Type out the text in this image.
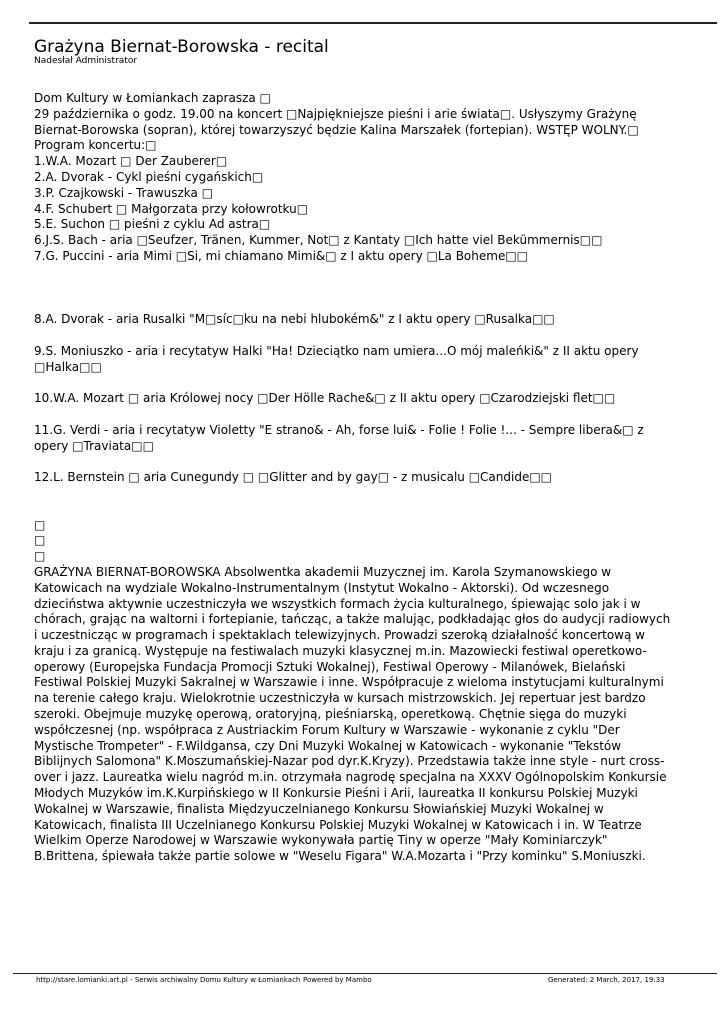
Grażyna Biernat-Borowska - recital
Nadesłał Administrator
Dom Kultury w Łomiankach zaprasza □
29 października o godz. 19.00 na koncert □Najpiękniejsze pieśni i arie świata□. Usłyszymy Grażynę
Biernat-Borowska (sopran), której towarzyszyć będzie Kalina Marszałek (fortepian). WSTĘP WOLNY.□
Program koncertu:□
1.W.A. Mozart □ Der Zauberer□
2.A. Dvorak - Cykl pieśni cygańskich□
3.P. Czajkowski - Trawuszka □
4.F. Schubert □ Małgorzata przy kołowrotku□
5.E. Suchon □ pieśni z cyklu Ad astra□
6.J.S. Bach - aria □Seufzer, Tränen, Kummer, Not□ z Kantaty □Ich hatte viel Bekümmernis□□
7.G. Puccini - aria Mimi □Si, mi chiamano Mimi&□ z I aktu opery □La Boheme□□

8.A. Dvorak - aria Rusalki "M□síc□ku na nebi hlubokém&" z I aktu opery □Rusalka□□

9.S. Moniuszko - aria i recytatyw Halki "Ha! Dzieciątko nam umiera...O mój maleńki&" z II aktu opery
□Halka□□

10.W.A. Mozart □ aria Królowej nocy □Der Hölle Rache&□ z II aktu opery □Czarodziejski flet□□

11.G. Verdi - aria i recytatyw Violetty "E strano& - Ah, forse lui& - Folie ! Folie !... - Sempre libera&□ z
opery □Traviata□□

12.L. Bernstein □ aria Cunegundy □ □Glitter and by gay□ - z musicalu □Candide□□

□
□
□
GRAŻYNA BIERNAT-BOROWSKA Absolwentka akademii Muzycznej im. Karola Szymanowskiego w
Katowicach na wydziale Wokalno-Instrumentalnym (Instytut Wokalno - Aktorski). Od wczesnego
dzieciństwa aktywnie uczestniczyła we wszystkich formach życia kulturalnego, śpiewając solo jak i w
chórach, grając na waltorni i fortepianie, tańcząc, a także malując, podkładając głos do audycji radiowych
i uczestnicząc w programach i spektaklach telewizyjnych. Prowadzi szeroką działalność koncertową w
kraju i za granicą. Występuje na festiwalach muzyki klasycznej m.in. Mazowiecki festiwal operetkowo-
operowy (Europejska Fundacja Promocji Sztuki Wokalnej), Festiwal Operowy - Milanówek, Bielański
Festiwal Polskiej Muzyki Sakralnej w Warszawie i inne. Współpracuje z wieloma instytucjami kulturalnymi
na terenie całego kraju. Wielokrotnie uczestniczyła w kursach mistrzowskich. Jej repertuar jest bardzo
szeroki. Obejmuje muzykę operową, oratoryjną, pieśniarską, operetkową. Chętnie sięga do muzyki
współczesnej (np. współpraca z Austriackim Forum Kultury w Warszawie - wykonanie z cyklu "Der
Mystische Trompeter" - F.Wildgansa, czy Dni Muzyki Wokalnej w Katowicach - wykonanie "Tekstów
Biblijnych Salomona" K.Moszumańskiej-Nazar pod dyr.K.Kryzy). Przedstawia także inne style - nurt cross-
over i jazz. Laureatka wielu nagród m.in. otrzymała nagrodę specjalna na XXXV Ogólnopolskim Konkursie
Młodych Muzyków im.K.Kurpińskiego w II Konkursie Pieśni i Arii, laureatka II konkursu Polskiej Muzyki
Wokalnej w Warszawie, finalista Międzyuczelnianego Konkursu Słowiańskiej Muzyki Wokalnej w
Katowicach, finalista III Uczelnianego Konkursu Polskiej Muzyki Wokalnej w Katowicach i in. W Teatrze
Wielkim Operze Narodowej w Warszawie wykonywała partię Tiny w operze "Mały Kominiarczyk"
B.Brittena, śpiewała także partie solowe w "Weselu Figara" W.A.Mozarta i "Przy kominku" S.Moniuszki.
http://stare.lomianki.art.pl - Serwis archiwalny Domu Kultury w Łomiankach Powered by Mambo	Generated: 2 March, 2017, 19:33
